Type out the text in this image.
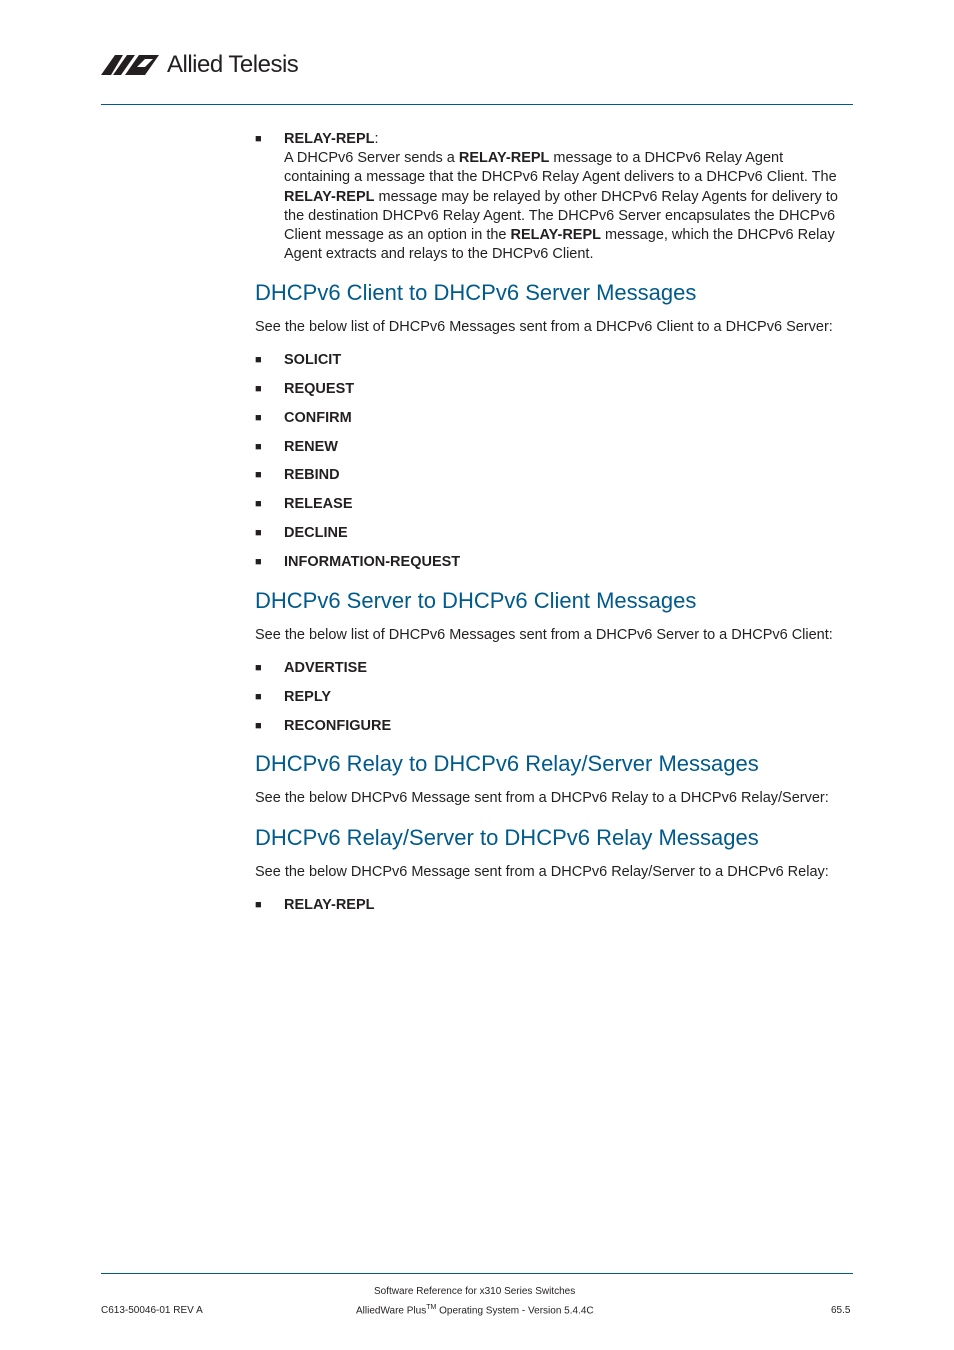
Allied Telesis
■ RELAY-REPL:
A DHCPv6 Server sends a RELAY-REPL message to a DHCPv6 Relay Agent containing a message that the DHCPv6 Relay Agent delivers to a DHCPv6 Client. The RELAY-REPL message may be relayed by other DHCPv6 Relay Agents for delivery to the destination DHCPv6 Relay Agent. The DHCPv6 Server encapsulates the DHCPv6 Client message as an option in the RELAY-REPL message, which the DHCPv6 Relay Agent extracts and relays to the DHCPv6 Client.
DHCPv6 Client to DHCPv6 Server Messages
See the below list of DHCPv6 Messages sent from a DHCPv6 Client to a DHCPv6 Server:
■ SOLICIT
■ REQUEST
■ CONFIRM
■ RENEW
■ REBIND
■ RELEASE
■ DECLINE
■ INFORMATION-REQUEST
DHCPv6 Server to DHCPv6 Client Messages
See the below list of DHCPv6 Messages sent from a DHCPv6 Server to a DHCPv6 Client:
■ ADVERTISE
■ REPLY
■ RECONFIGURE
DHCPv6 Relay to DHCPv6 Relay/Server Messages
See the below DHCPv6 Message sent from a DHCPv6 Relay to a DHCPv6 Relay/Server:
DHCPv6 Relay/Server to DHCPv6 Relay Messages
See the below DHCPv6 Message sent from a DHCPv6 Relay/Server to a DHCPv6 Relay:
■ RELAY-REPL
Software Reference for x310 Series Switches
C613-50046-01 REV A	AlliedWare Plus™ Operating System - Version 5.4.4C	65.5
